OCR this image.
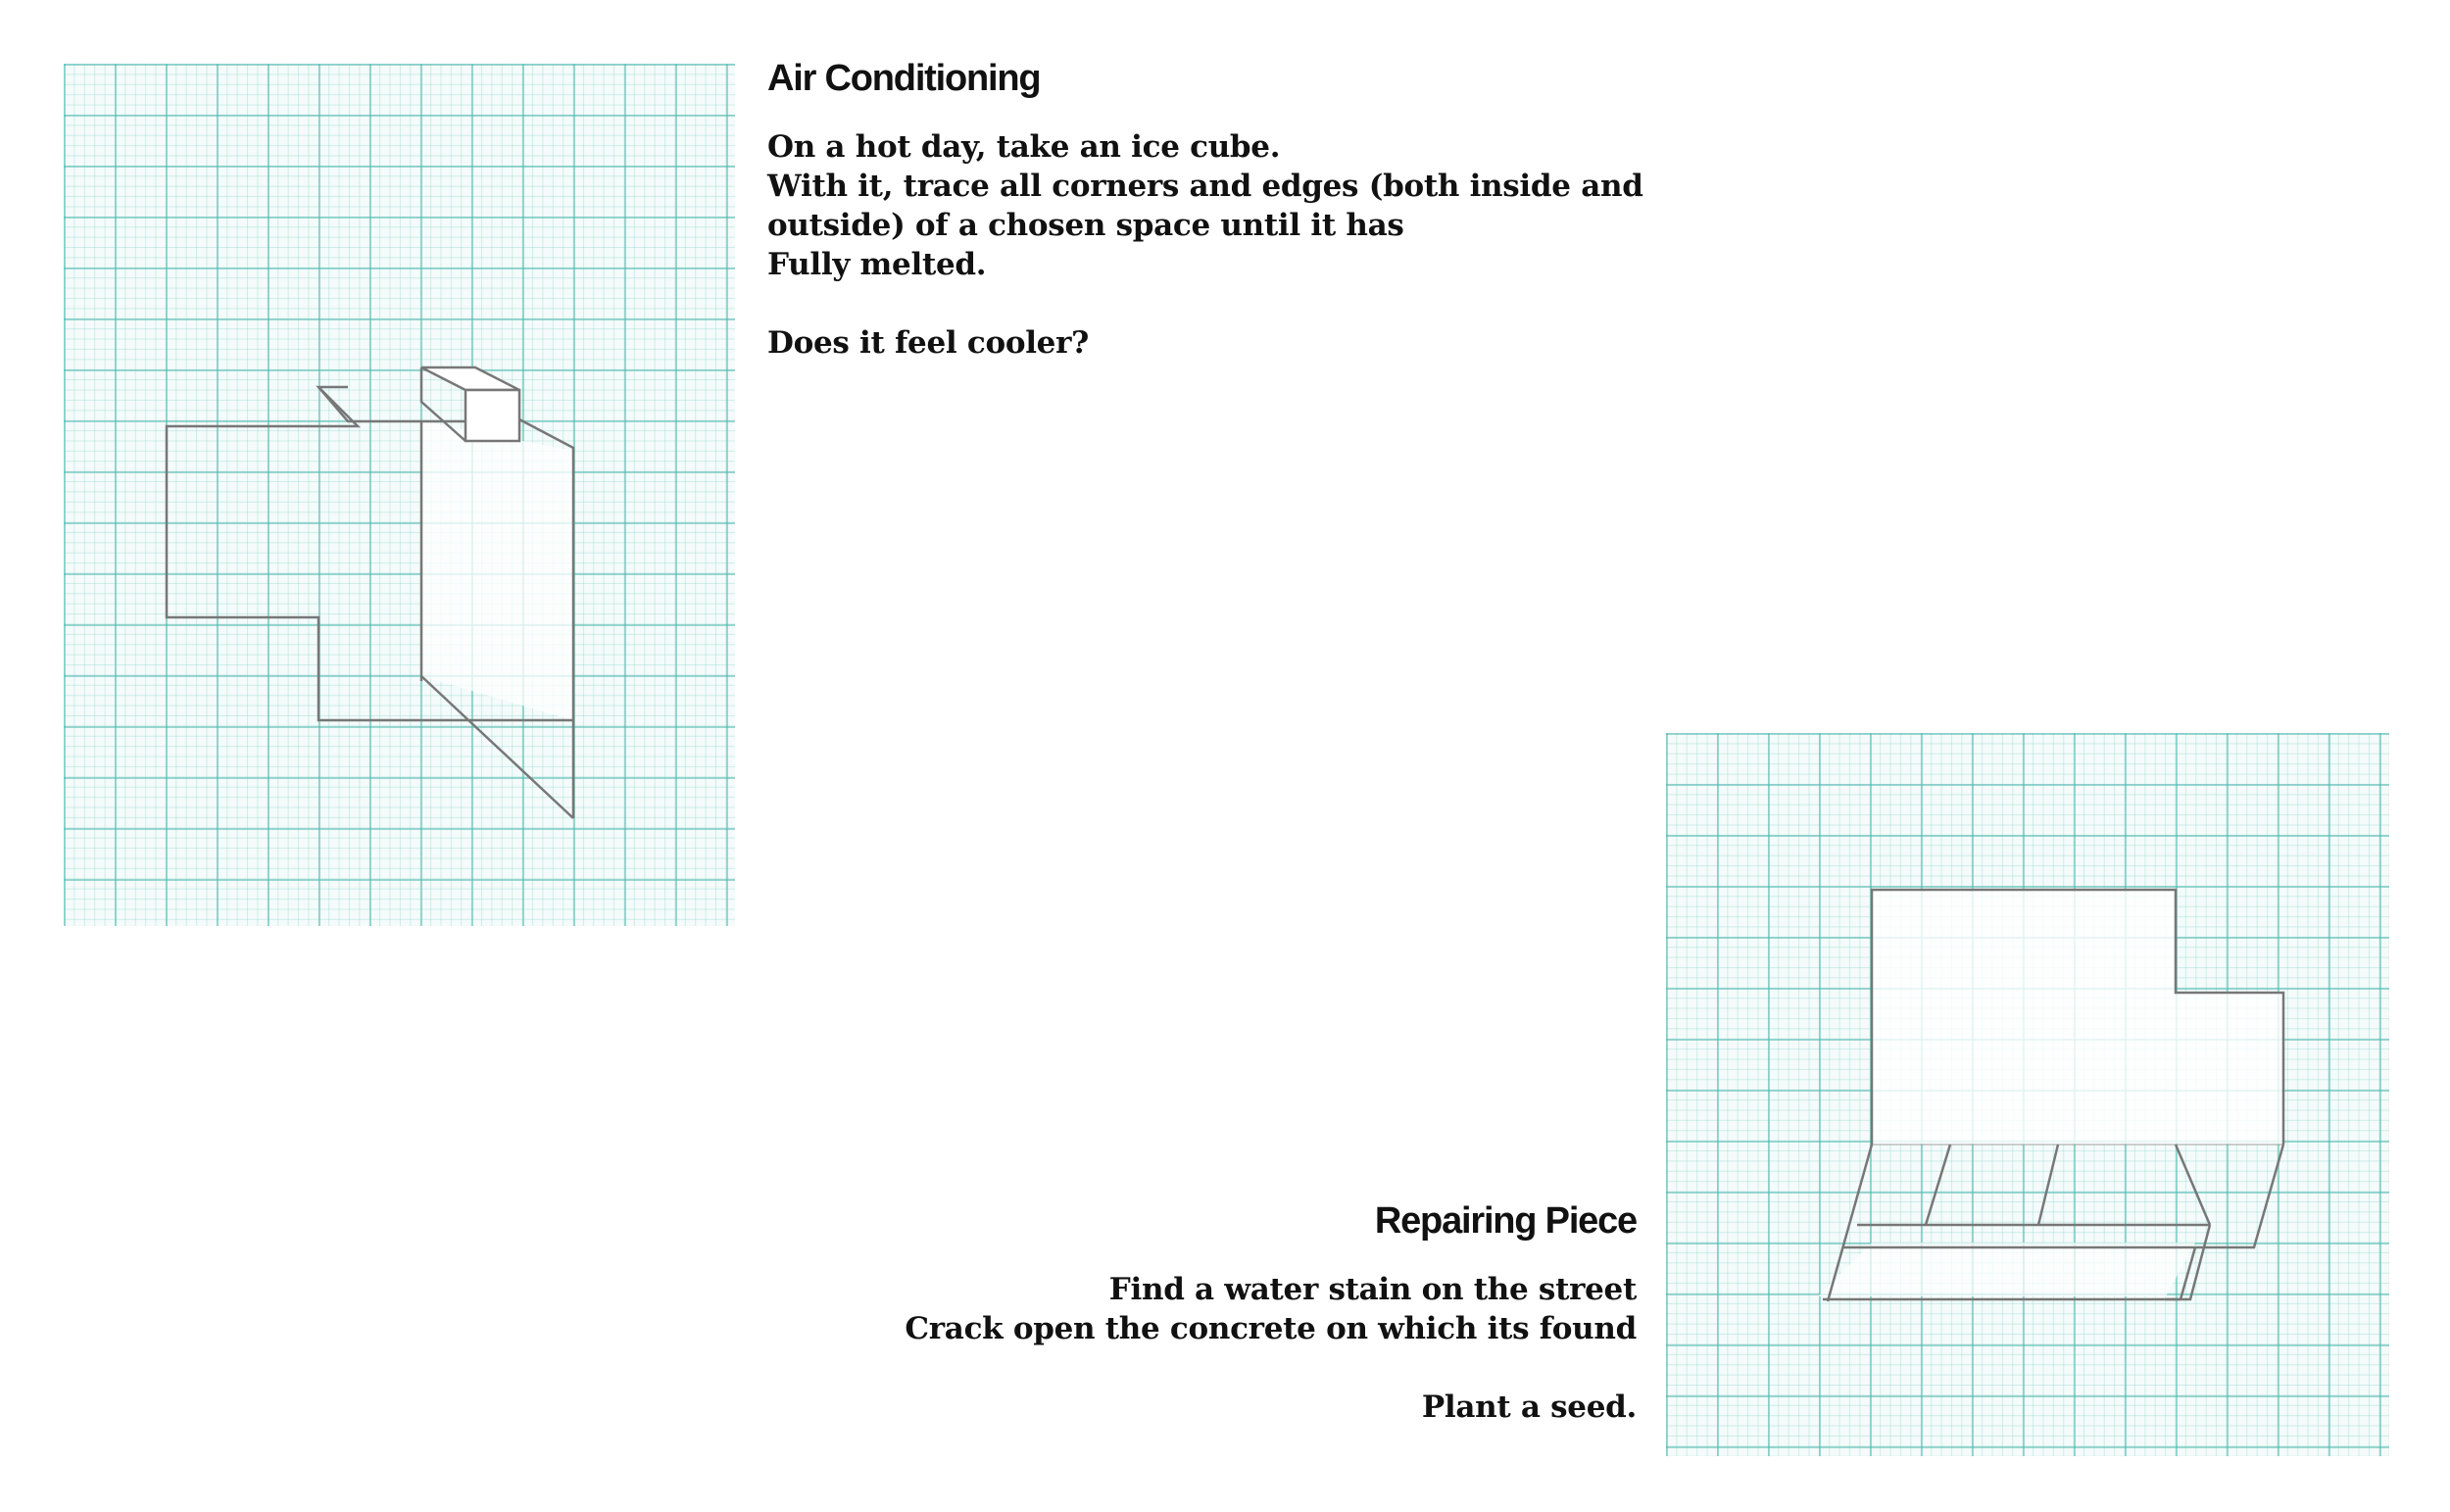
Air Conditioning
On a hot day, take an ice cube.
With it, trace all corners and edges (both inside and
outside) of a chosen space until it has
Fully melted.
Does it feel cooler?
Repairing Piece
Find a water stain on the street
Crack open the concrete on which its found
Plant a seed.
